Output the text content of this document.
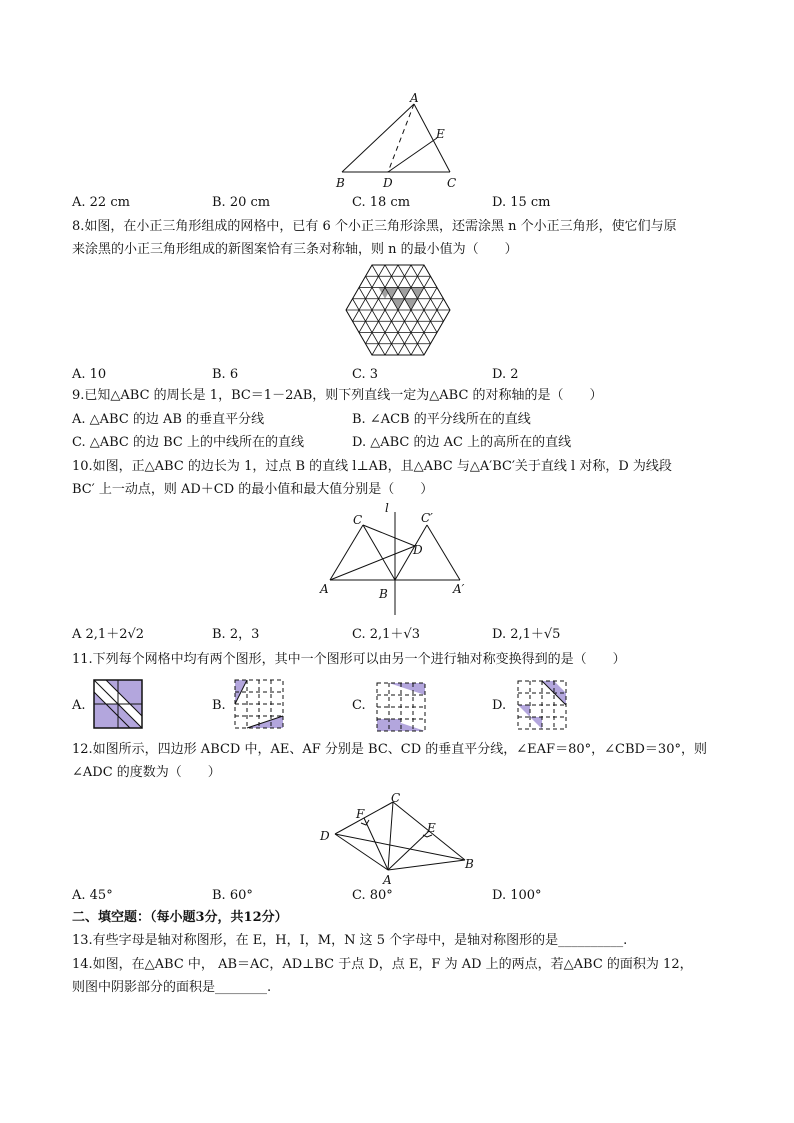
A
E
B	D	C
A. 22 cm	B. 20 cm	C. 18 cm	D. 15 cm
8.如图，在小正三角形组成的网格中，已有 6 个小正三角形涂黑，还需涂黑 n 个小正三角形，使它们与原
来涂黑的小正三角形组成的新图案恰有三条对称轴，则 n 的最小值为（　　）
A. 10	B. 6	C. 3	D. 2
9.已知△ABC 的周长是 1，BC＝1－2AB，则下列直线一定为△ABC 的对称轴的是（　　）
A. △ABC 的边 AB 的垂直平分线	B. ∠ACB 的平分线所在的直线
C. △ABC 的边 BC 上的中线所在的直线	D. △ABC 的边 AC 上的高所在的直线
10.如图，正△ABC 的边长为 1，过点 B 的直线 l⊥AB，且△ABC 与△A′BC′关于直线 l 对称，D 为线段
BC′ 上一动点，则 AD＋CD 的最小值和最大值分别是（　　）
l
C	C′
D
A	B	A′
A 2,1＋2√2	B. 2，3	C. 2,1＋√3	D. 2,1＋√5
11.下列每个网格中均有两个图形，其中一个图形可以由另一个进行轴对称变换得到的是（　　）
A.	B.	C.	D.
12.如图所示，四边形 ABCD 中，AE、AF 分别是 BC、CD 的垂直平分线，∠EAF＝80°，∠CBD＝30°，则
∠ADC 的度数为（　　）
C
F
E
D
B
A
A. 45°	B. 60°	C. 80°	D. 100°
二、填空题：（每小题3分，共12分）
13.有些字母是轴对称图形，在 E，H，I，M，N 这 5 个字母中，是轴对称图形的是__________.
14.如图，在△ABC 中， AB＝AC，AD⊥BC 于点 D，点 E，F 为 AD 上的两点，若△ABC 的面积为 12，
则图中阴影部分的面积是________.
